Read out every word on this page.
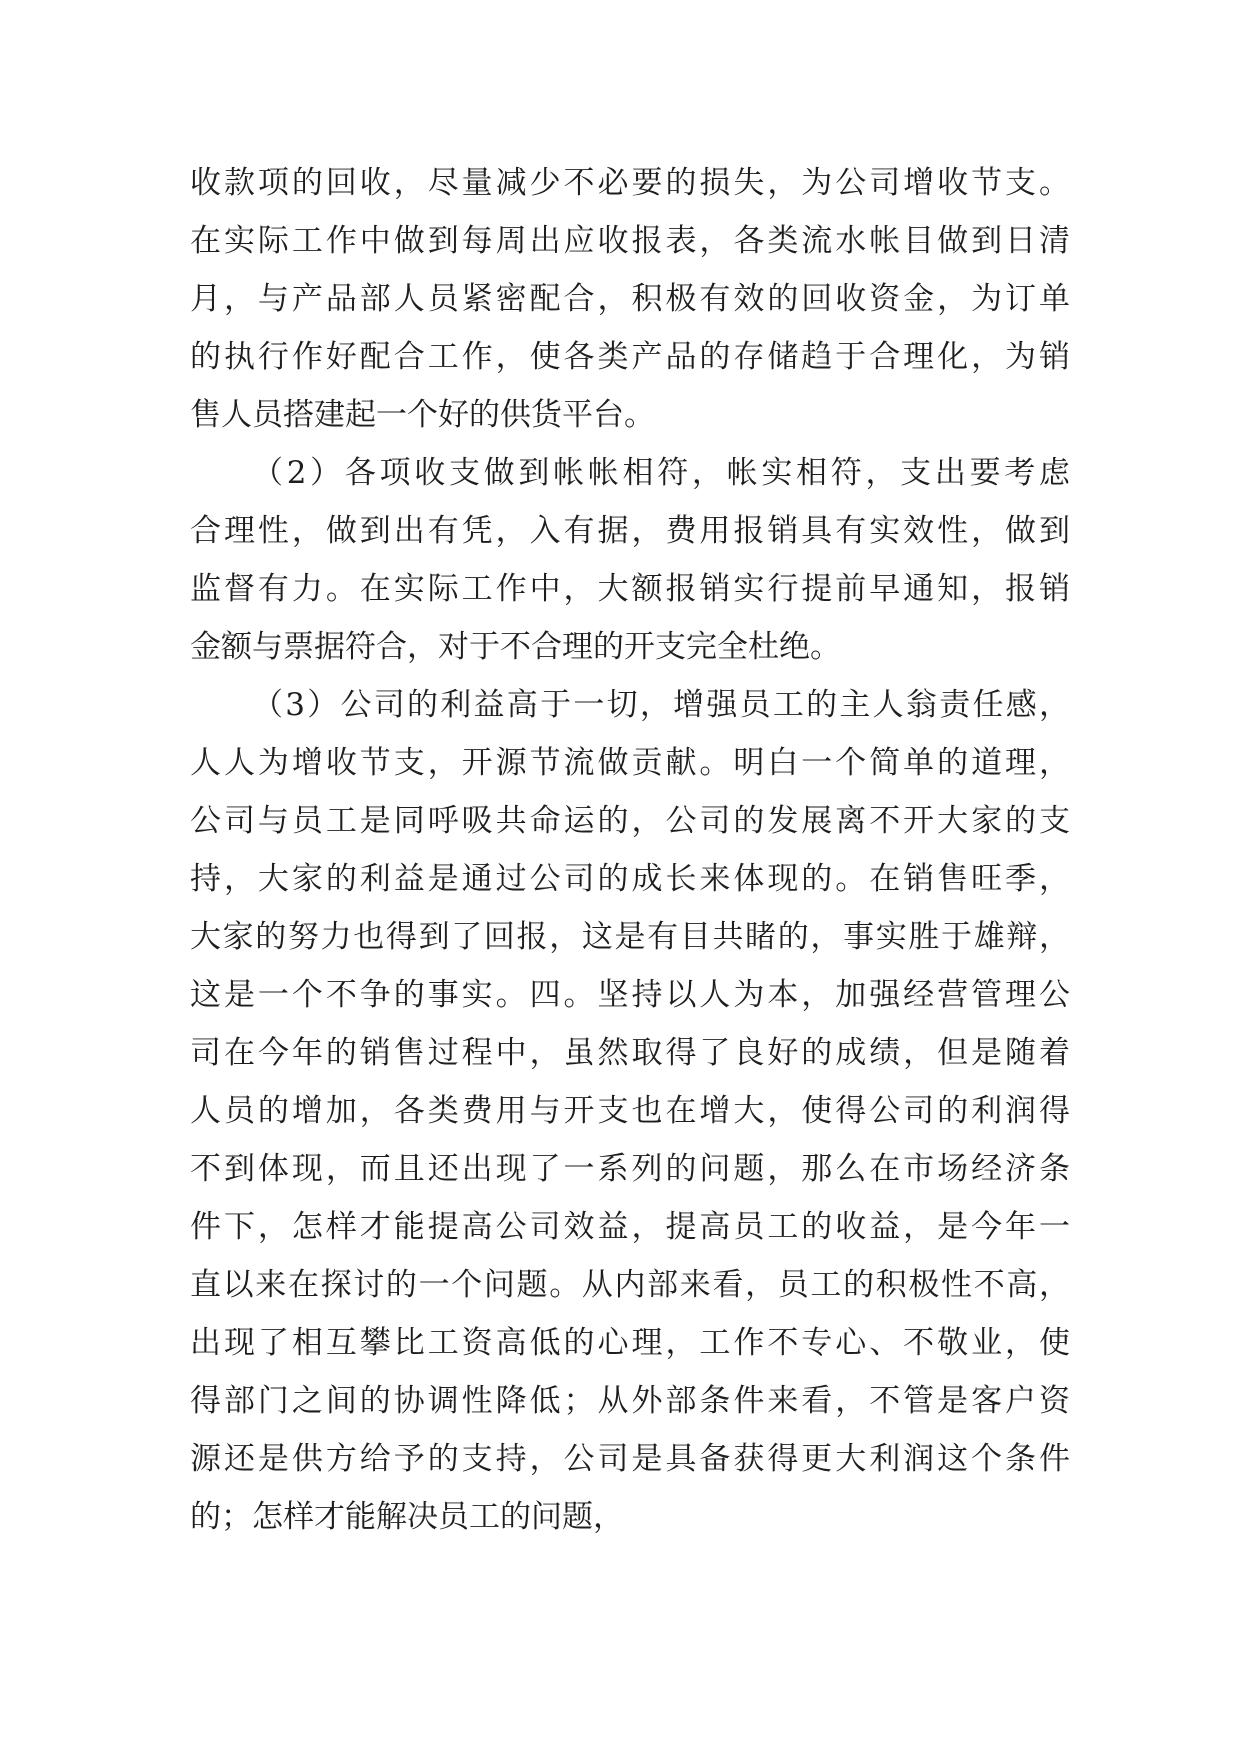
收款项的回收，尽量减少不必要的损失，为公司增收节支。
在实际工作中做到每周出应收报表，各类流水帐目做到日清
月，与产品部人员紧密配合，积极有效的回收资金，为订单
的执行作好配合工作，使各类产品的存储趋于合理化，为销
售人员搭建起一个好的供货平台。
（2）各项收支做到帐帐相符，帐实相符，支出要考虑
合理性，做到出有凭，入有据，费用报销具有实效性，做到
监督有力。在实际工作中，大额报销实行提前早通知，报销
金额与票据符合，对于不合理的开支完全杜绝。
（3）公司的利益高于一切，增强员工的主人翁责任感，
人人为增收节支，开源节流做贡献。明白一个简单的道理，
公司与员工是同呼吸共命运的，公司的发展离不开大家的支
持，大家的利益是通过公司的成长来体现的。在销售旺季，
大家的努力也得到了回报，这是有目共睹的，事实胜于雄辩，
这是一个不争的事实。四。坚持以人为本，加强经营管理公
司在今年的销售过程中，虽然取得了良好的成绩，但是随着
人员的增加，各类费用与开支也在增大，使得公司的利润得
不到体现，而且还出现了一系列的问题，那么在市场经济条
件下，怎样才能提高公司效益，提高员工的收益，是今年一
直以来在探讨的一个问题。从内部来看，员工的积极性不高，
出现了相互攀比工资高低的心理，工作不专心、不敬业，使
得部门之间的协调性降低；从外部条件来看，不管是客户资
源还是供方给予的支持，公司是具备获得更大利润这个条件
的；怎样才能解决员工的问题，
